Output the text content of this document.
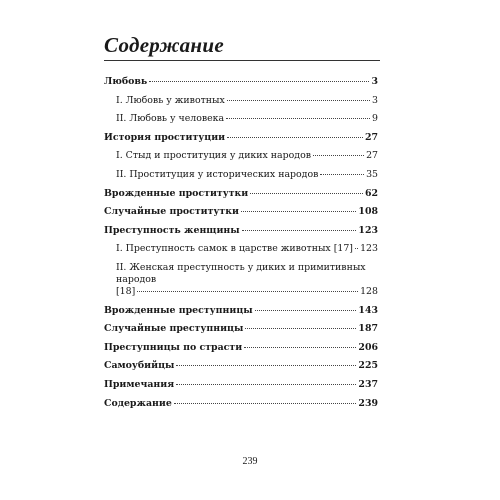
Содержание
Любовь	3
I. Любовь у животных	3
II. Любовь у человека	9
История проституции	27
I. Стыд и проституция у диких народов	27
II. Проституция у исторических народов	35
Врожденные проститутки	62
Случайные проститутки	108
Преступность женщины	123
I. Преступность самок в царстве животных [17] 123
II. Женская преступность у диких и примитивных народов
[18]	128
Врожденные преступницы	143
Случайные преступницы	187
Преступницы по страсти	206
Самоубийцы	225
Примечания	237
Содержание	239
239
